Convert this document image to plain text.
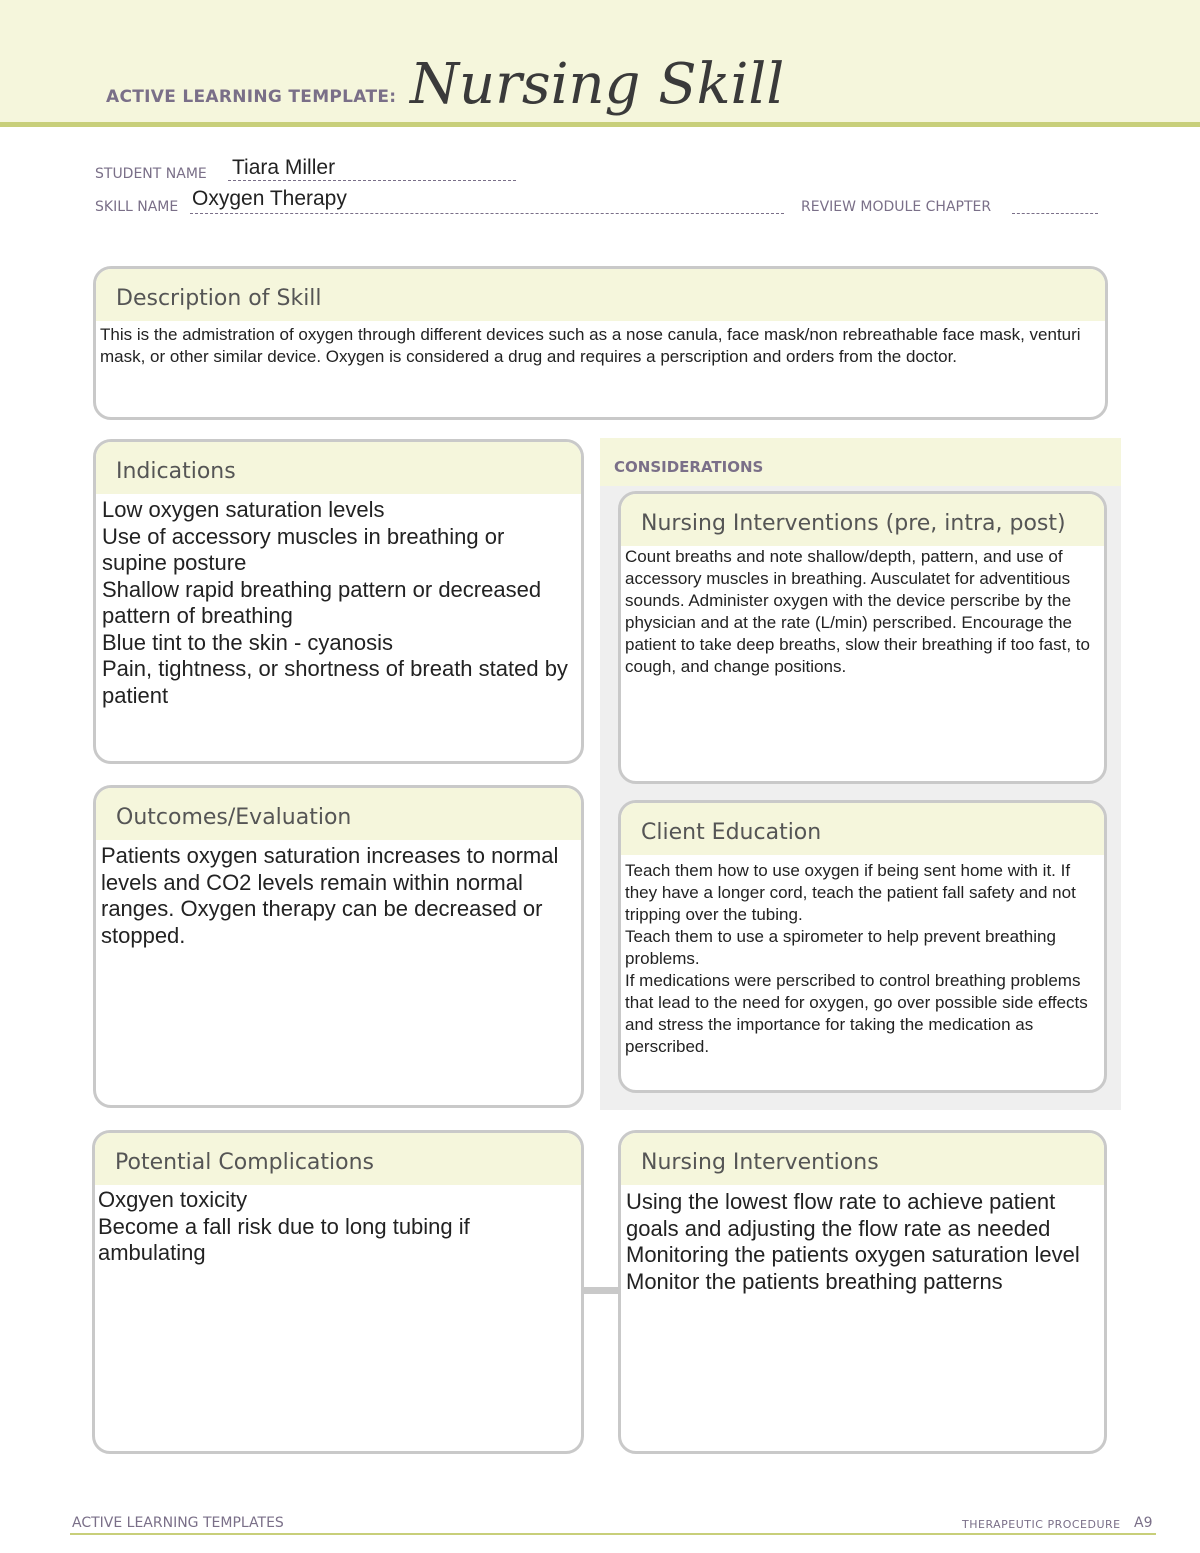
ACTIVE LEARNING TEMPLATE: Nursing Skill
STUDENT NAME Tiara Miller
SKILL NAME Oxygen Therapy	REVIEW MODULE CHAPTER
Description of Skill
This is the admistration of oxygen through different devices such as a nose canula, face mask/non rebreathable face mask, venturi mask, or other similar device. Oxygen is considered a drug and requires a perscription and orders from the doctor.
CONSIDERATIONS
Indications
Low oxygen saturation levels
Use of accessory muscles in breathing or supine posture
Shallow rapid breathing pattern or decreased pattern of breathing
Blue tint to the skin - cyanosis
Pain, tightness, or shortness of breath stated by patient
Nursing Interventions (pre, intra, post)
Count breaths and note shallow/depth, pattern, and use of accessory muscles in breathing. Ausculatet for adventitious sounds. Administer oxygen with the device perscribe by the physician and at the rate (L/min) perscribed. Encourage the patient to take deep breaths, slow their breathing if too fast, to cough, and change positions.
Outcomes/Evaluation
Patients oxygen saturation increases to normal levels and CO2 levels remain within normal ranges. Oxygen therapy can be decreased or stopped.
Client Education
Teach them how to use oxygen if being sent home with it. If they have a longer cord, teach the patient fall safety and not tripping over the tubing.
Teach them to use a spirometer to help prevent breathing problems.
If medications were perscribed to control breathing problems that lead to the need for oxygen, go over possible side effects and stress the importance for taking the medication as perscribed.
Potential Complications
Oxgyen toxicity
Become a fall risk due to long tubing if ambulating
Nursing Interventions
Using the lowest flow rate to achieve patient goals and adjusting the flow rate as needed
Monitoring the patients oxygen saturation level
Monitor the patients breathing patterns
ACTIVE LEARNING TEMPLATES	THERAPEUTIC PROCEDURE A9
